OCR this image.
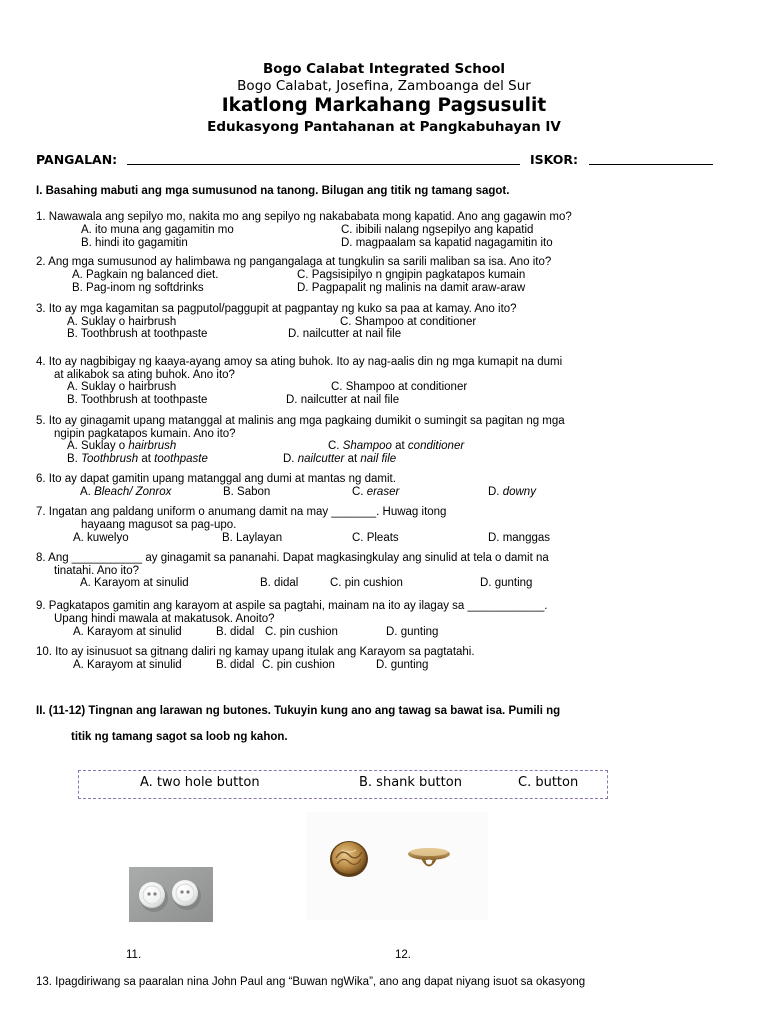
Bogo Calabat Integrated School
Bogo Calabat, Josefina, Zamboanga del Sur
Ikatlong Markahang Pagsusulit
Edukasyong Pantahanan at Pangkabuhayan IV
PANGALAN:	ISKOR:
I. Basahing mabuti ang mga sumusunod na tanong. Bilugan ang titik ng tamang sagot.
1. Nawawala ang sepilyo mo, nakita mo ang sepilyo ng nakababata mong kapatid. Ano ang gagawin mo?
A. ito muna ang gagamitin mo	C. ibibili nalang ngsepilyo ang kapatid
B. hindi ito gagamitin	D. magpaalam sa kapatid nagagamitin ito
2. Ang mga sumusunod ay halimbawa ng pangangalaga at tungkulin sa sarili maliban sa isa. Ano ito?
A. Pagkain ng balanced diet.	C. Pagsisipilyo n gngipin pagkatapos kumain
B. Pag-inom ng softdrinks	D. Pagpapalit ng malinis na damit araw-araw
3. Ito ay mga kagamitan sa pagputol/paggupit at pagpantay ng kuko sa paa at kamay. Ano ito?
A. Suklay o hairbrush	C. Shampoo at conditioner
B. Toothbrush at toothpaste	D. nailcutter at nail file
4. Ito ay nagbibigay ng kaaya-ayang amoy sa ating buhok. Ito ay nag-aalis din ng mga kumapit na dumi
at alikabok sa ating buhok. Ano ito?
A. Suklay o hairbrush	C. Shampoo at conditioner
B. Toothbrush at toothpaste	D. nailcutter at nail file
5. Ito ay ginagamit upang matanggal at malinis ang mga pagkaing dumikit o sumingit sa pagitan ng mga
ngipin pagkatapos kumain. Ano ito?
A. Suklay o hairbrush	C. Shampoo at conditioner
B. Toothbrush at toothpaste	D. nailcutter at nail file
6. Ito ay dapat gamitin upang matanggal ang dumi at mantas ng damit.
A. Bleach/ Zonrox	B. Sabon	C. eraser	D. downy
7. Ingatan ang paldang uniform o anumang damit na may _______. Huwag itong
hayaang magusot sa pag-upo.
A. kuwelyo	B. Laylayan	C. Pleats	D. manggas
8. Ang ___________ ay ginagamit sa pananahi. Dapat magkasingkulay ang sinulid at tela o damit na
tinatahi. Ano ito?
A. Karayom at sinulid	B. didal	C. pin cushion	D. gunting
9. Pagkatapos gamitin ang karayom at aspile sa pagtahi, mainam na ito ay ilagay sa ____________.
Upang hindi mawala at makatusok. Anoito?
A. Karayom at sinulid	B. didal C. pin cushion	D. gunting
10. Ito ay isinusuot sa gitnang daliri ng kamay upang itulak ang Karayom sa pagtatahi.
A. Karayom at sinulid	B. didal C. pin cushion	D. gunting
II. (11-12) Tingnan ang larawan ng butones. Tukuyin kung ano ang tawag sa bawat isa. Pumili ng
titik ng tamang sagot sa loob ng kahon.
A. two hole button	B. shank button	C. button
11.	12.
13. Ipagdiriwang sa paaralan nina John Paul ang “Buwan ngWika”, ano ang dapat niyang isuot sa okasyong
